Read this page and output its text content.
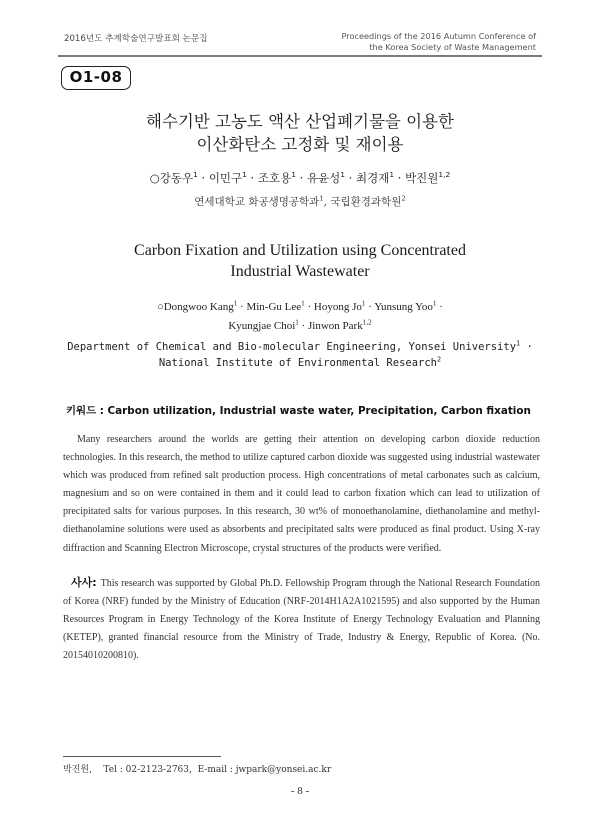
2016년도 추계학술연구발표회 논문집	Proceedings of the 2016 Autumn Conference of
the Korea Society of Waste Management
O1-08
해수기반 고농도 액산 산업폐기물을 이용한
이산화탄소 고정화 및 재이용
○강동우$^1$ · 이민구$^1$ · 조호용$^1$ · 유윤성$^1$ · 최경재$^1$ · 박진원$^{1,2}$
연세대학교 화공생명공학과$^1$, 국립환경과학원$^2$
Carbon Fixation and Utilization using Concentrated
Industrial Wastewater
○Dongwoo Kang$^1$ · Min-Gu Lee$^1$ · Hoyong $Jo^1$ · Yunsung Yoo$^1$ ·
Kyungjae Choi$^1$ · Jinwon Park$^{1,2}$
Department of Chemical and Bio-molecular Engineering, Yonsei University$^1$ ·
National Institute of Environmental Research$^2$
키워드 : Carbon utilization, Industrial waste water, Precipitation, Carbon fixation
Many researchers around the worlds are getting their attention on developing carbon dioxide reduction technologies. In this research, the method to utilize captured carbon dioxide was suggested using industrial wastewater which was produced from refined salt production process. High concentrations of metal carbonates such as calcium, magnesium and so on were contained in them and it could lead to carbon fixation which can lead to utilization of precipitated salts for various purposes. In this research, 30 wt% of monoethanolamine, diethanolamine and methyl-diethanolamine solutions were used as absorbents and precipitated salts were produced as final product. Using X-ray diffraction and Scanning Electron Microscope, crystal structures of the products were verified.
사사: This research was supported by Global Ph.D. Fellowship Program through the National Research Foundation of Korea (NRF) funded by the Ministry of Education (NRF-2014H1A2A1021595) and also supported by the Human Resources Program in Energy Technology of the Korea Institute of Energy Technology Evaluation and Planning (KETEP), granted financial resource from the Ministry of Trade, Industry & Energy, Republic of Korea. (No. 20154010200810).
박진원,    Tel : 02-2123-2763,  E-mail : jwpark@yonsei.ac.kr
- 8 -
